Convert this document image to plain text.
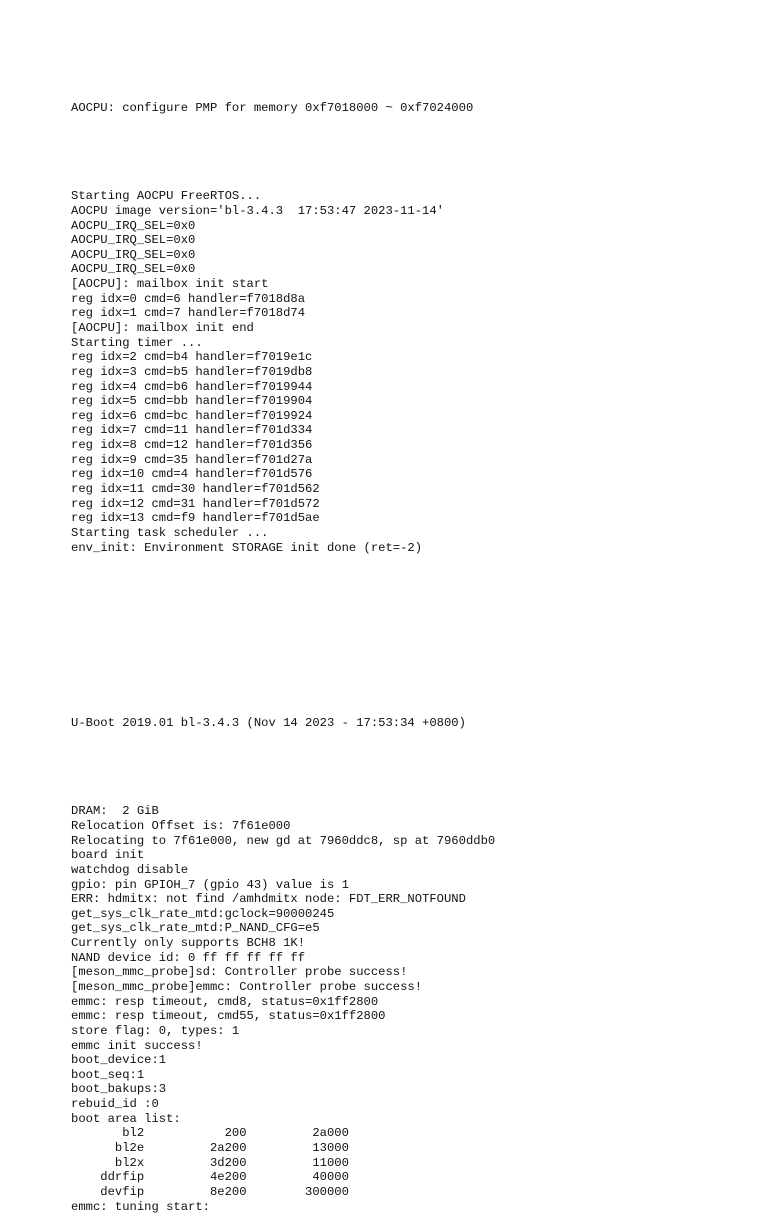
AOCPU: configure PMP for memory 0xf7018000 ~ 0xf7024000

Starting AOCPU FreeRTOS...
AOCPU image version='bl-3.4.3  17:53:47 2023-11-14'
AOCPU_IRQ_SEL=0x0
AOCPU_IRQ_SEL=0x0
AOCPU_IRQ_SEL=0x0
AOCPU_IRQ_SEL=0x0
[AOCPU]: mailbox init start
reg idx=0 cmd=6 handler=f7018d8a
reg idx=1 cmd=7 handler=f7018d74
[AOCPU]: mailbox init end
Starting timer ...
reg idx=2 cmd=b4 handler=f7019e1c
reg idx=3 cmd=b5 handler=f7019db8
reg idx=4 cmd=b6 handler=f7019944
reg idx=5 cmd=bb handler=f7019904
reg idx=6 cmd=bc handler=f7019924
reg idx=7 cmd=11 handler=f701d334
reg idx=8 cmd=12 handler=f701d356
reg idx=9 cmd=35 handler=f701d27a
reg idx=10 cmd=4 handler=f701d576
reg idx=11 cmd=30 handler=f701d562
reg idx=12 cmd=31 handler=f701d572
reg idx=13 cmd=f9 handler=f701d5ae
Starting task scheduler ...
env_init: Environment STORAGE init done (ret=-2)

U-Boot 2019.01 bl-3.4.3 (Nov 14 2023 - 17:53:34 +0800)

DRAM:  2 GiB
Relocation Offset is: 7f61e000
Relocating to 7f61e000, new gd at 7960ddc8, sp at 7960ddb0
board init
watchdog disable
gpio: pin GPIOH_7 (gpio 43) value is 1
ERR: hdmitx: not find /amhdmitx node: FDT_ERR_NOTFOUND
get_sys_clk_rate_mtd:gclock=90000245
get_sys_clk_rate_mtd:P_NAND_CFG=e5
Currently only supports BCH8 1K!
NAND device id: 0 ff ff ff ff ff
[meson_mmc_probe]sd: Controller probe success!
[meson_mmc_probe]emmc: Controller probe success!
emmc: resp timeout, cmd8, status=0x1ff2800
emmc: resp timeout, cmd55, status=0x1ff2800
store flag: 0, types: 1
emmc init success!
boot_device:1
boot_seq:1
boot_bakups:3
rebuid_id :0
boot area list:
bl2           200         2a000
bl2e         2a200         13000
bl2x         3d200         11000
ddrfip         4e200         40000
devfip         8e200        300000
emmc: tuning start:
